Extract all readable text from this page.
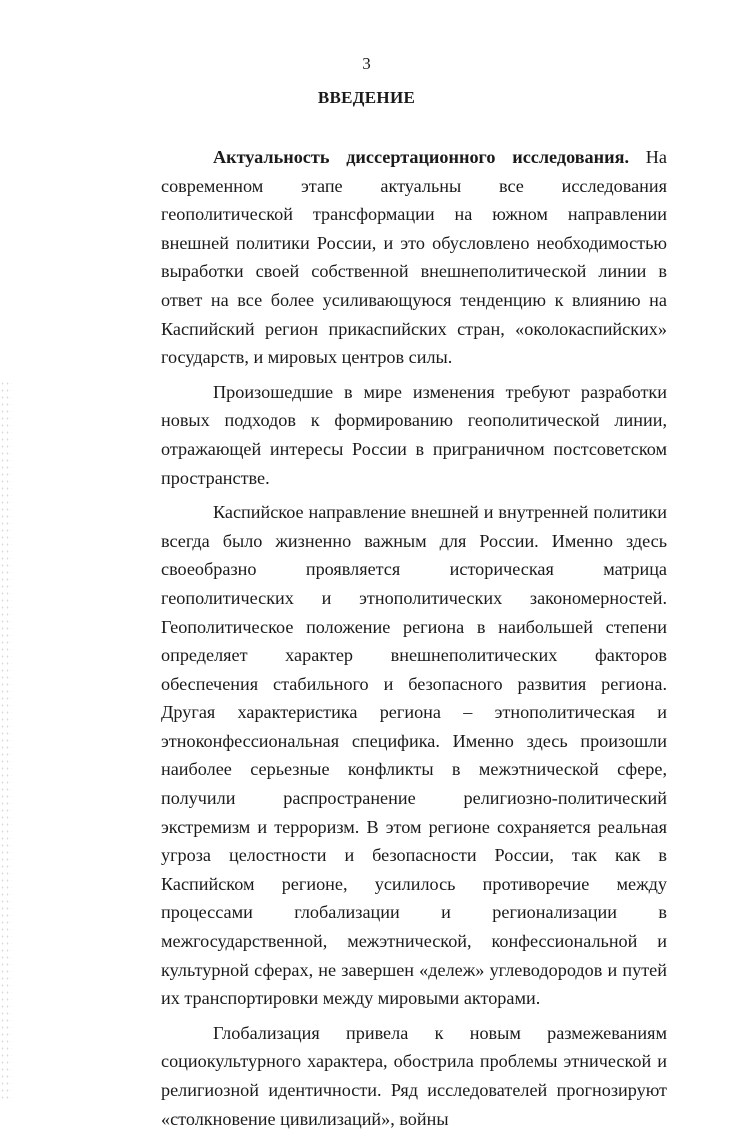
3
ВВЕДЕНИЕ

Актуальность диссертационного исследования. На современном этапе актуальны все исследования геополитической трансформации на южном направлении внешней политики России, и это обусловлено необходимостью выработки своей собственной внешнеполитической линии в ответ на все более усиливающуюся тенденцию к влиянию на Каспийский регион прикаспийских стран, «околокаспийских» государств, и мировых центров силы.

Произошедшие в мире изменения требуют разработки новых подходов к формированию геополитической линии, отражающей интересы России в приграничном постсоветском пространстве.

Каспийское направление внешней и внутренней политики всегда было жизненно важным для России. Именно здесь своеобразно проявляется историческая матрица геополитических и этнополитических закономерностей. Геополитическое положение региона в наибольшей степени определяет характер внешнеполитических факторов обеспечения стабильного и безопасного развития региона. Другая характеристика региона – этнополитическая и этноконфессиональная специфика. Именно здесь произошли наиболее серьезные конфликты в межэтнической сфере, получили распространение религиозно-политический экстремизм и терроризм. В этом регионе сохраняется реальная угроза целостности и безопасности России, так как в Каспийском регионе, усилилось противоречие между процессами глобализации и регионализации в межгосударственной, межэтнической, конфессиональной и культурной сферах, не завершен «дележ» углеводородов и путей их транспортировки между мировыми акторами.

Глобализация привела к новым размежеваниям социокультурного характера, обострила проблемы этнической и религиозной идентичности. Ряд исследователей прогнозируют «столкновение цивилизаций», войны
